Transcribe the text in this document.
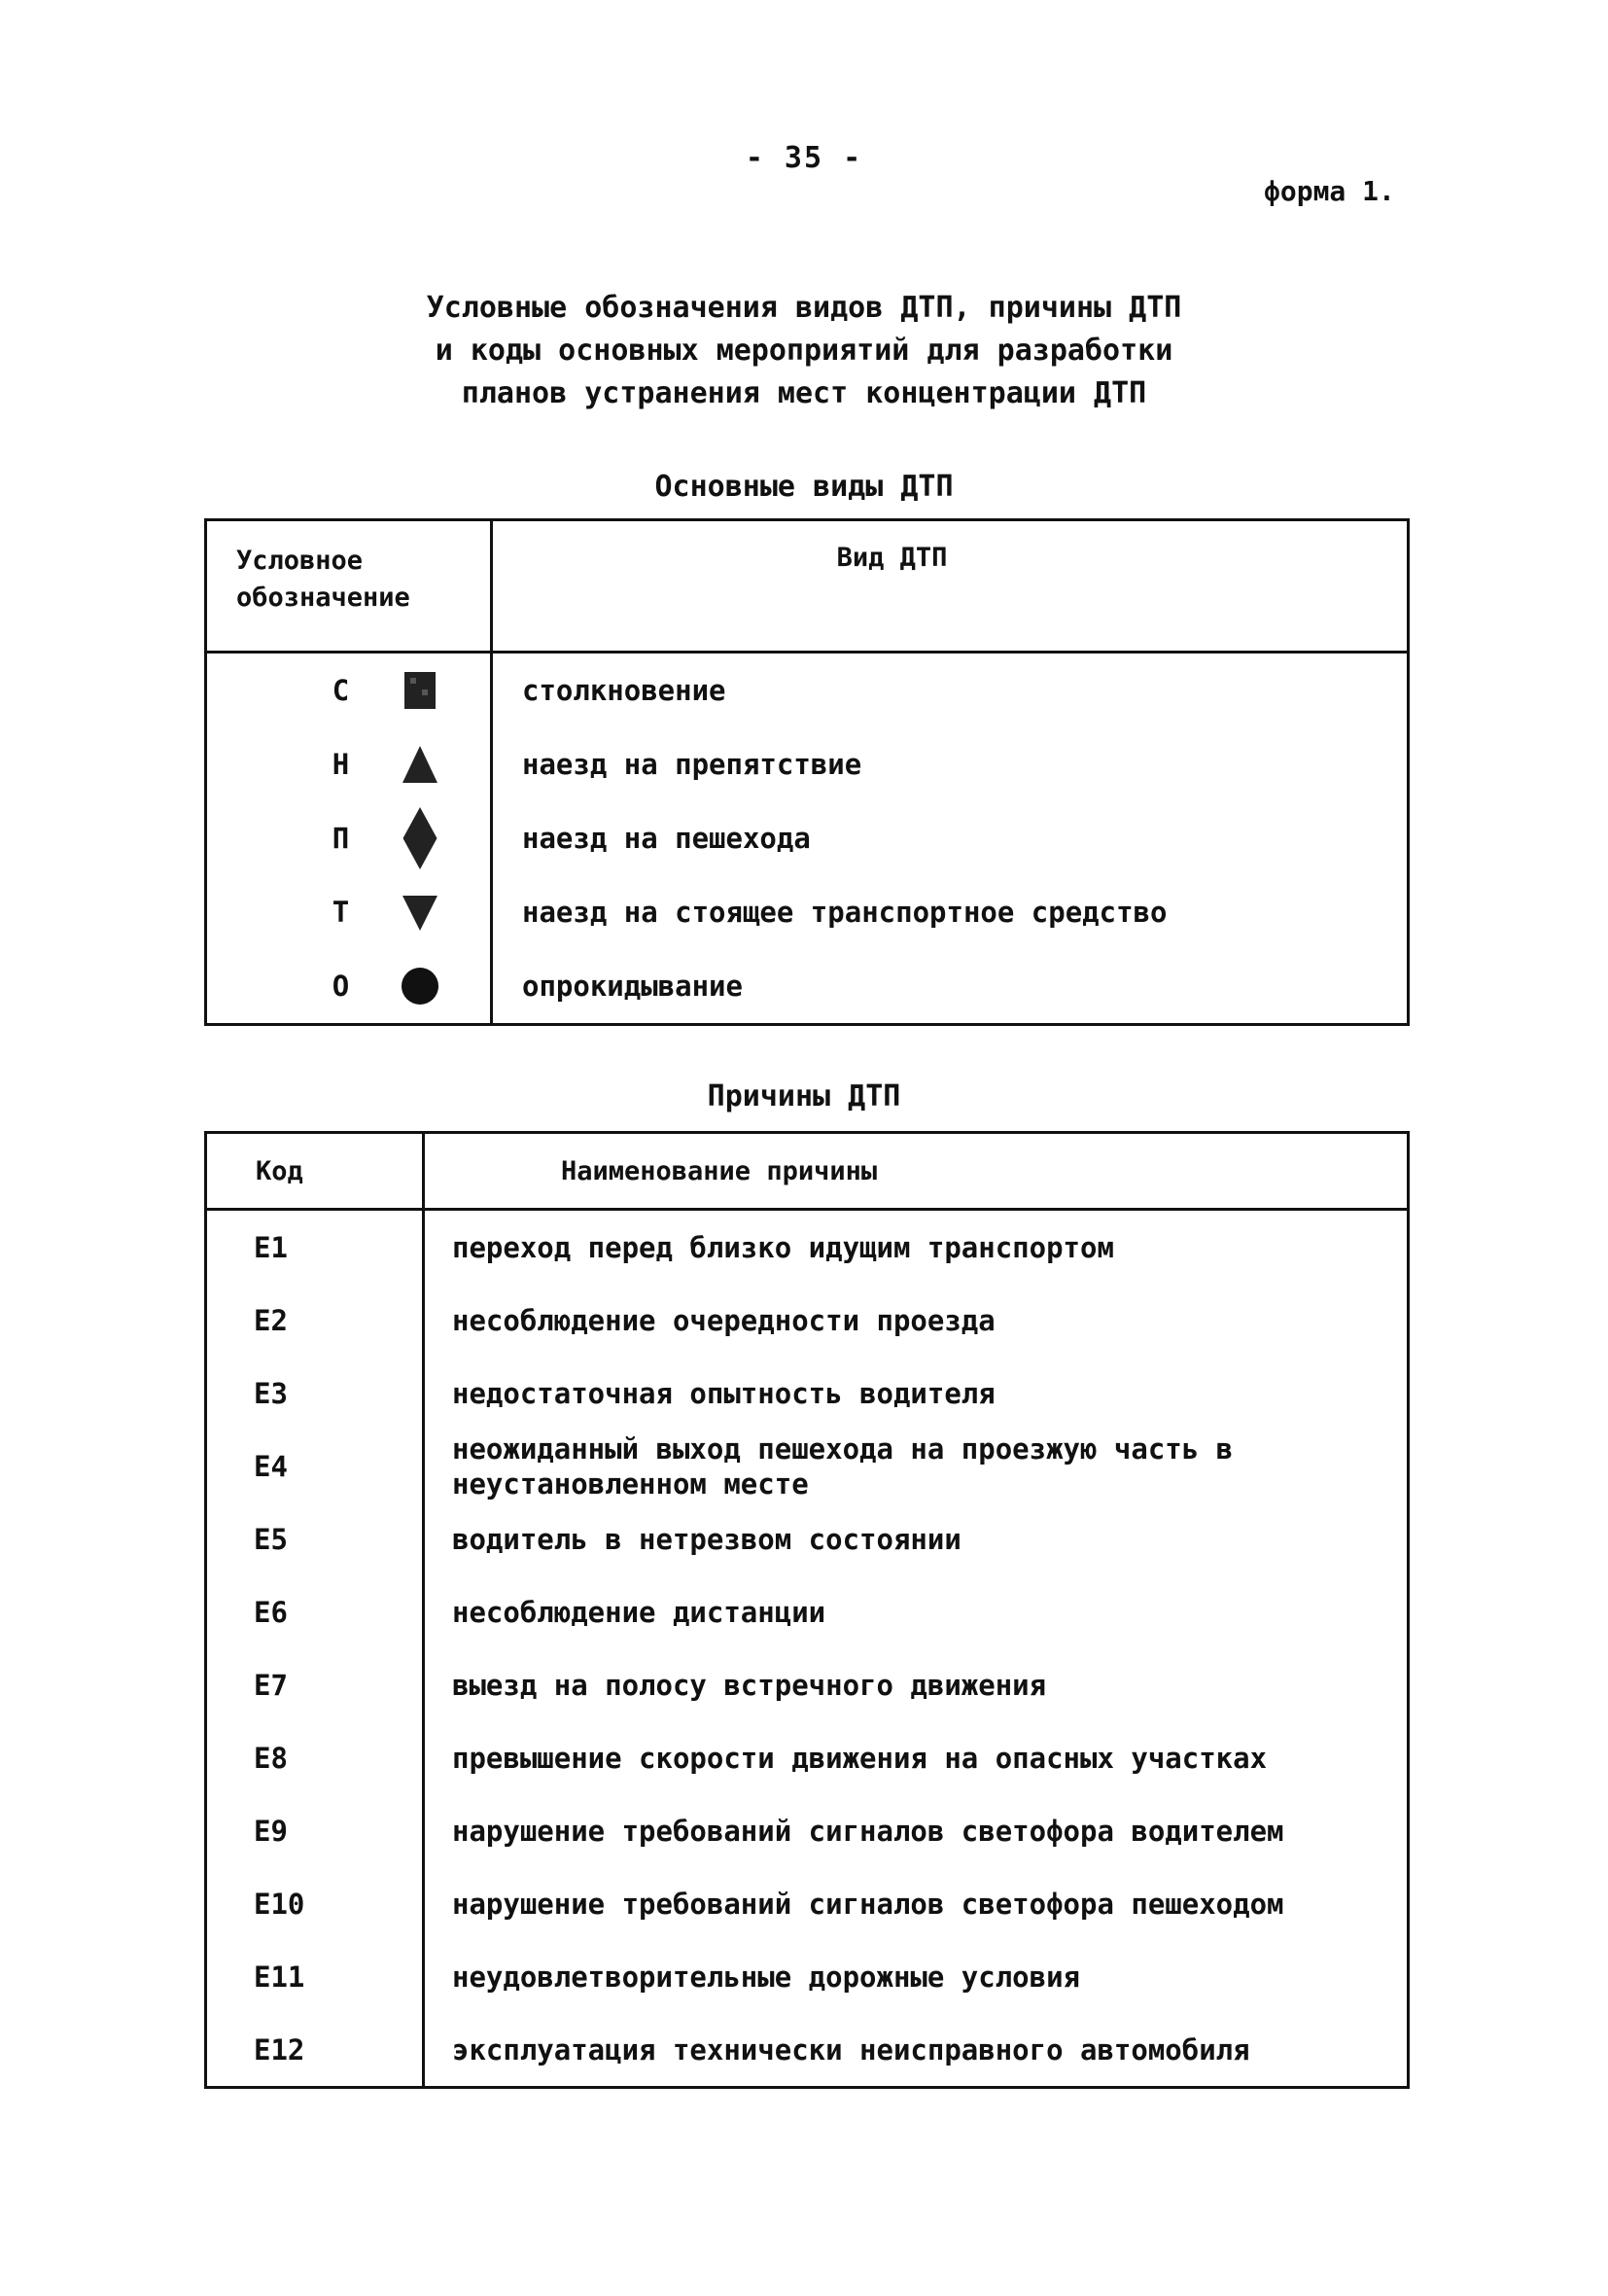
- 35 -
форма 1.
Условные обозначения видов ДТП, причины ДТП
и коды основных мероприятий для разработки
планов устранения мест концентрации ДТП
Основные виды ДТП
Условное
обозначение	Вид ДТП
С	столкновение
Н	наезд на препятствие
П	наезд на пешехода
Т	наезд на стоящее транспортное средство
О	опрокидывание
Причины ДТП
Код	Наименование причины
E1	переход перед близко идущим транспортом
E2	несоблюдение очередности проезда
E3	недостаточная опытность водителя
E4	неожиданный выход пешехода на проезжую часть в неустановленном месте
E5	водитель в нетрезвом состоянии
E6	несоблюдение дистанции
E7	выезд на полосу встречного движения
E8	превышение скорости движения на опасных участках
E9	нарушение требований сигналов светофора водителем
E10	нарушение требований сигналов светофора пешеходом
E11	неудовлетворительные дорожные условия
E12	эксплуатация технически неисправного автомобиля
